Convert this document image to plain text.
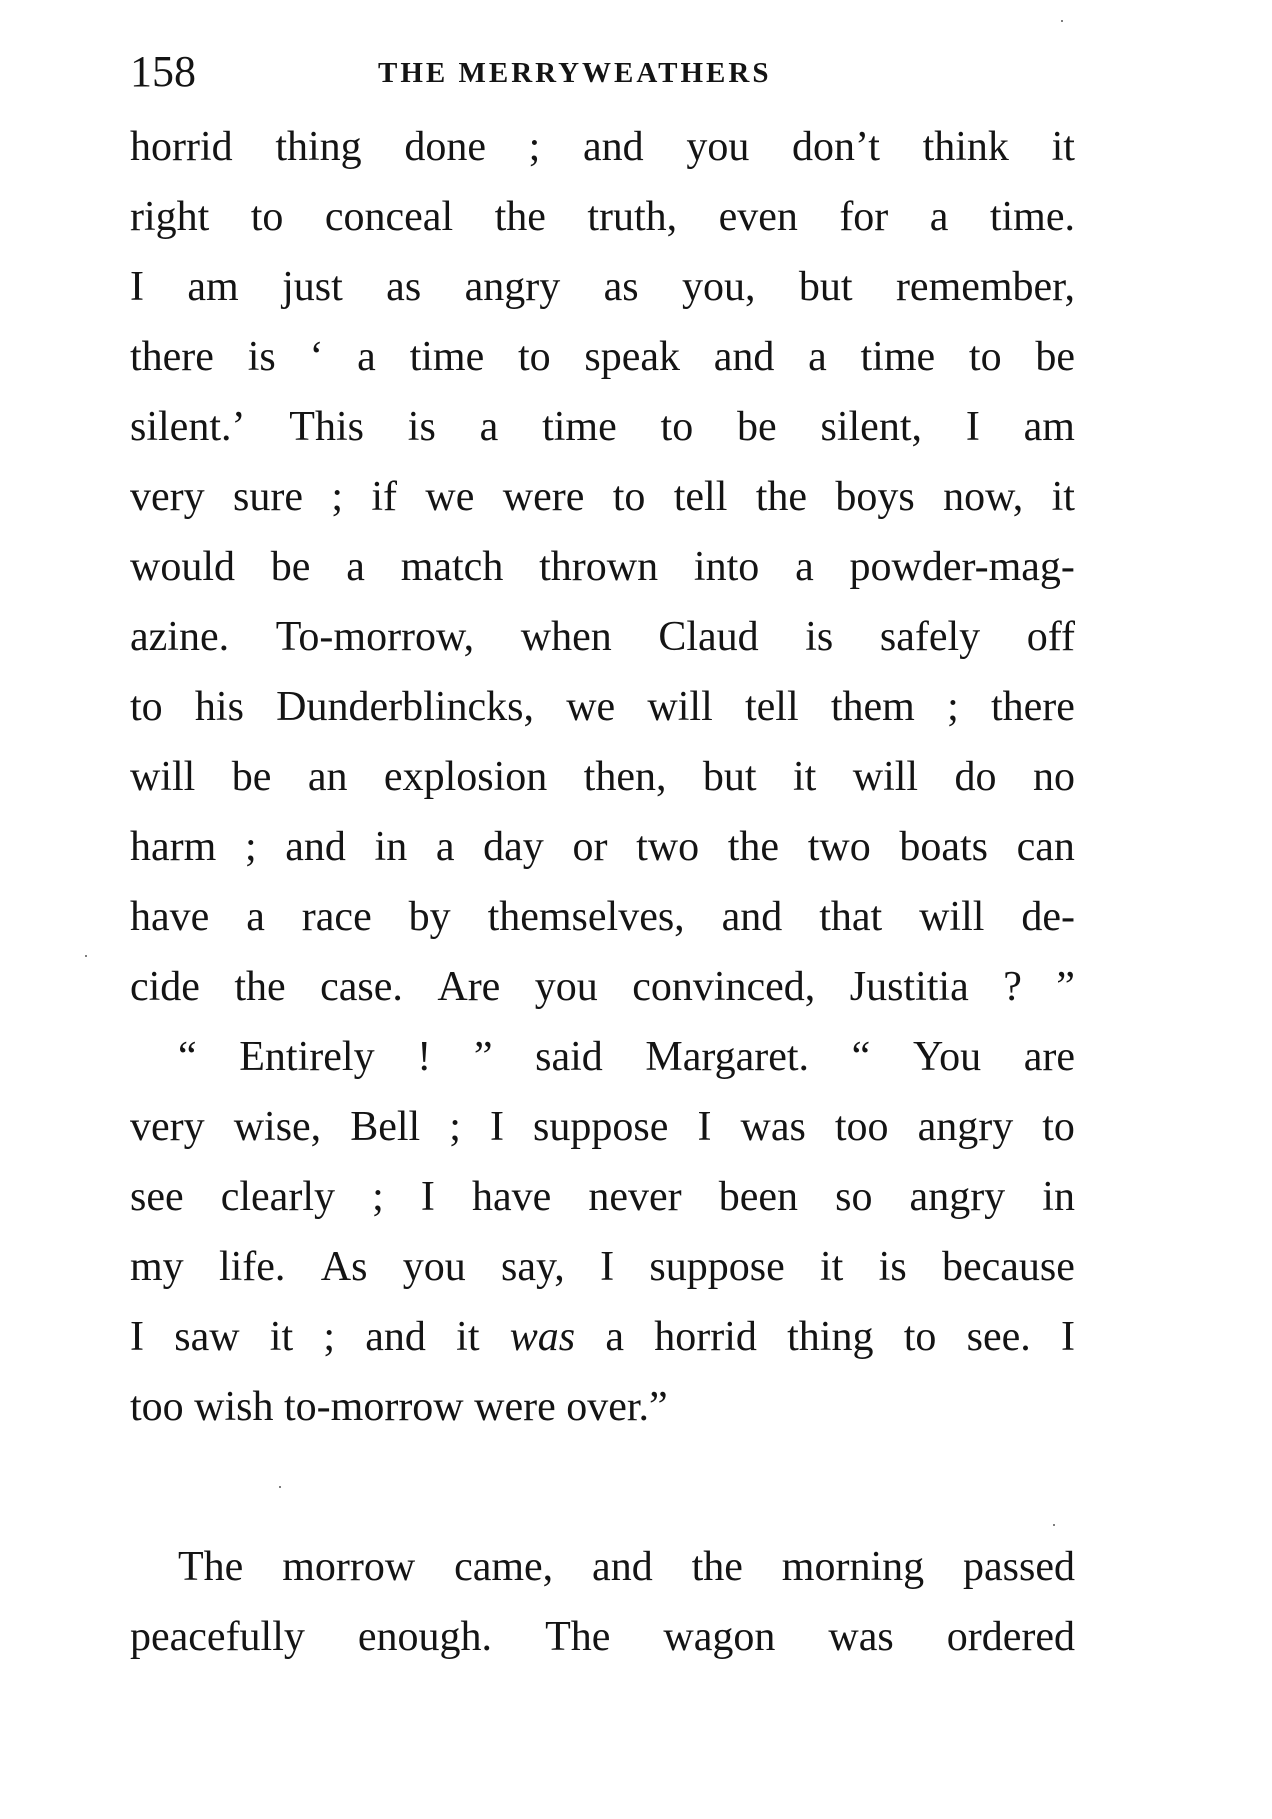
158	THE MERRYWEATHERS
horrid thing done ; and you don’t think it
right to conceal the truth, even for a time.
I am just as angry as you, but remember,
there is ‘ a time to speak and a time to be
silent.’ This is a time to be silent, I am
very sure ; if we were to tell the boys now, it
would be a match thrown into a powder-mag-
azine. To-morrow, when Claud is safely off
to his Dunderblincks, we will tell them ; there
will be an explosion then, but it will do no
harm ; and in a day or two the two boats can
have a race by themselves, and that will de-
cide the case. Are you convinced, Justitia ? ”
“ Entirely ! ” said Margaret. “ You are
very wise, Bell ; I suppose I was too angry to
see clearly ; I have never been so angry in
my life. As you say, I suppose it is because
I saw it ; and it was a horrid thing to see. I
too wish to-morrow were over.”
The morrow came, and the morning passed
peacefully enough. The wagon was ordered
